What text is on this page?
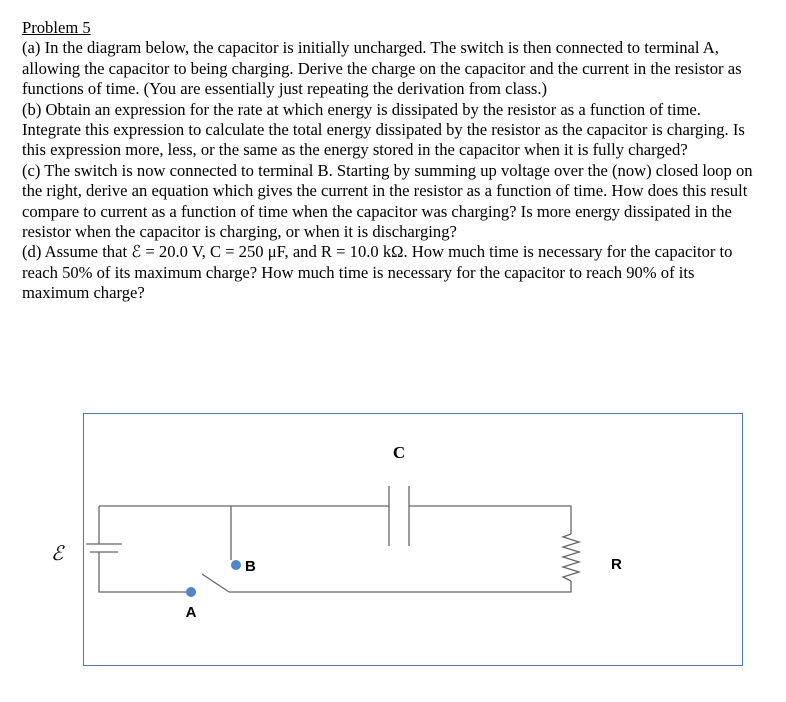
Problem 5
(a) In the diagram below, the capacitor is initially uncharged. The switch is then connected to terminal A, allowing the capacitor to being charging. Derive the charge on the capacitor and the current in the resistor as functions of time. (You are essentially just repeating the derivation from class.)
(b) Obtain an expression for the rate at which energy is dissipated by the resistor as a function of time. Integrate this expression to calculate the total energy dissipated by the resistor as the capacitor is charging. Is this expression more, less, or the same as the energy stored in the capacitor when it is fully charged?
(c) The switch is now connected to terminal B. Starting by summing up voltage over the (now) closed loop on the right, derive an equation which gives the current in the resistor as a function of time. How does this result compare to current as a function of time when the capacitor was charging? Is more energy dissipated in the resistor when the capacitor is charging, or when it is discharging?
(d) Assume that ℰ = 20.0 V, C = 250 μF, and R = 10.0 kΩ. How much time is necessary for the capacitor to reach 50% of its maximum charge? How much time is necessary for the capacitor to reach 90% of its maximum charge?
C
ℰ
B
A
R
